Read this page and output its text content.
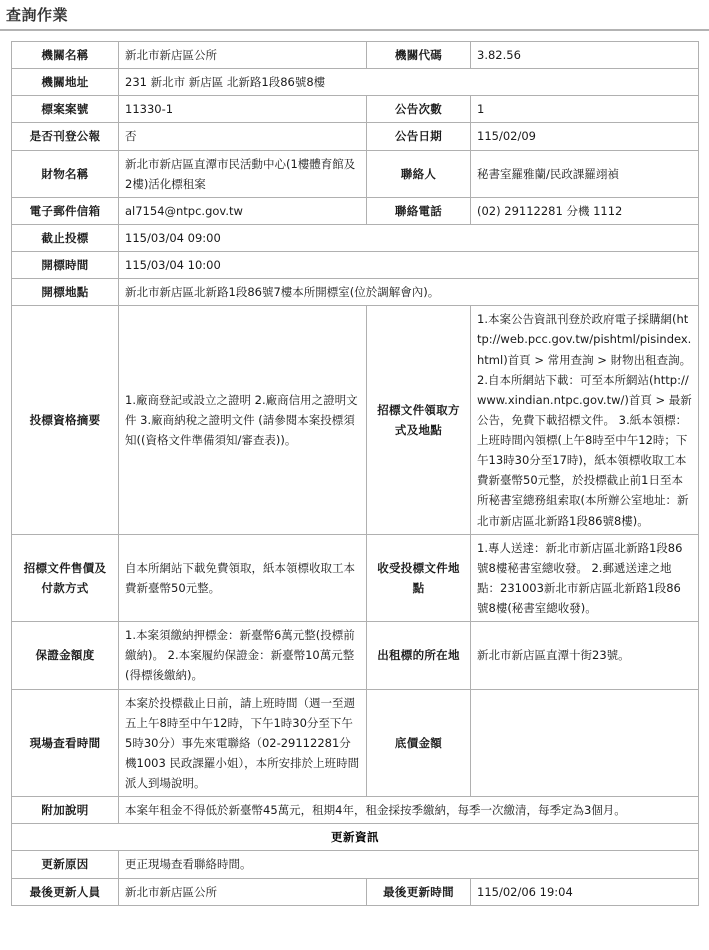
查詢作業
機關名稱	新北市新店區公所	機關代碼	3.82.56
機關地址	231 新北市 新店區 北新路1段86號8樓		
標案案號	11330-1	公告次數	1
是否刊登公報	否	公告日期	115/02/09
財物名稱	新北市新店區直潭市民活動中心(1樓體育館及2樓)活化標租案	聯絡人	秘書室羅雅蘭/民政課羅翊禎
電子郵件信箱	al7154@ntpc.gov.tw	聯絡電話	(02) 29112281 分機 1112
截止投標	115/03/04 09:00		
開標時間	115/03/04 10:00		
開標地點	新北市新店區北新路1段86號7樓本所開標室(位於調解會內)。		
投標資格摘要	1.廠商登記或設立之證明 2.廠商信用之證明文件 3.廠商納稅之證明文件 (請參閱本案投標須知((資格文件準備須知/審查表))。	招標文件領取方式及地點	1.本案公告資訊刊登於政府電子採購網(http://web.pcc.gov.tw/pishtml/pisindex.html)首頁 > 常用查詢 > 財物出租查詢。 2.自本所網站下載：可至本所網站(http://www.xindian.ntpc.gov.tw/)首頁 > 最新公告，免費下載招標文件。 3.紙本領標：上班時間內領標(上午8時至中午12時；下午13時30分至17時)，紙本領標收取工本費新臺幣50元整，於投標截止前1日至本所秘書室總務組索取(本所辦公室地址：新北市新店區北新路1段86號8樓)。
招標文件售價及付款方式	自本所網站下載免費領取，紙本領標收取工本費新臺幣50元整。	收受投標文件地點	1.專人送達：新北市新店區北新路1段86號8樓秘書室總收發。 2.郵遞送達之地點：231003新北市新店區北新路1段86號8樓(秘書室總收發)。
保證金額度	1.本案須繳納押標金：新臺幣6萬元整(投標前繳納)。 2.本案履約保證金：新臺幣10萬元整(得標後繳納)。	出租標的所在地	新北市新店區直潭十街23號。
現場查看時間	本案於投標截止日前，請上班時間（週一至週五上午8時至中午12時，下午1時30分至下午5時30分）事先來電聯絡（02-29112281分機1003 民政課羅小姐），本所安排於上班時間派人到場說明。	底價金額	
附加說明	本案年租金不得低於新臺幣45萬元，租期4年，租金採按季繳納，每季一次繳清，每季定為3個月。		
更新資訊			
更新原因	更正現場查看聯絡時間。		
最後更新人員	新北市新店區公所	最後更新時間	115/02/06 19:04
